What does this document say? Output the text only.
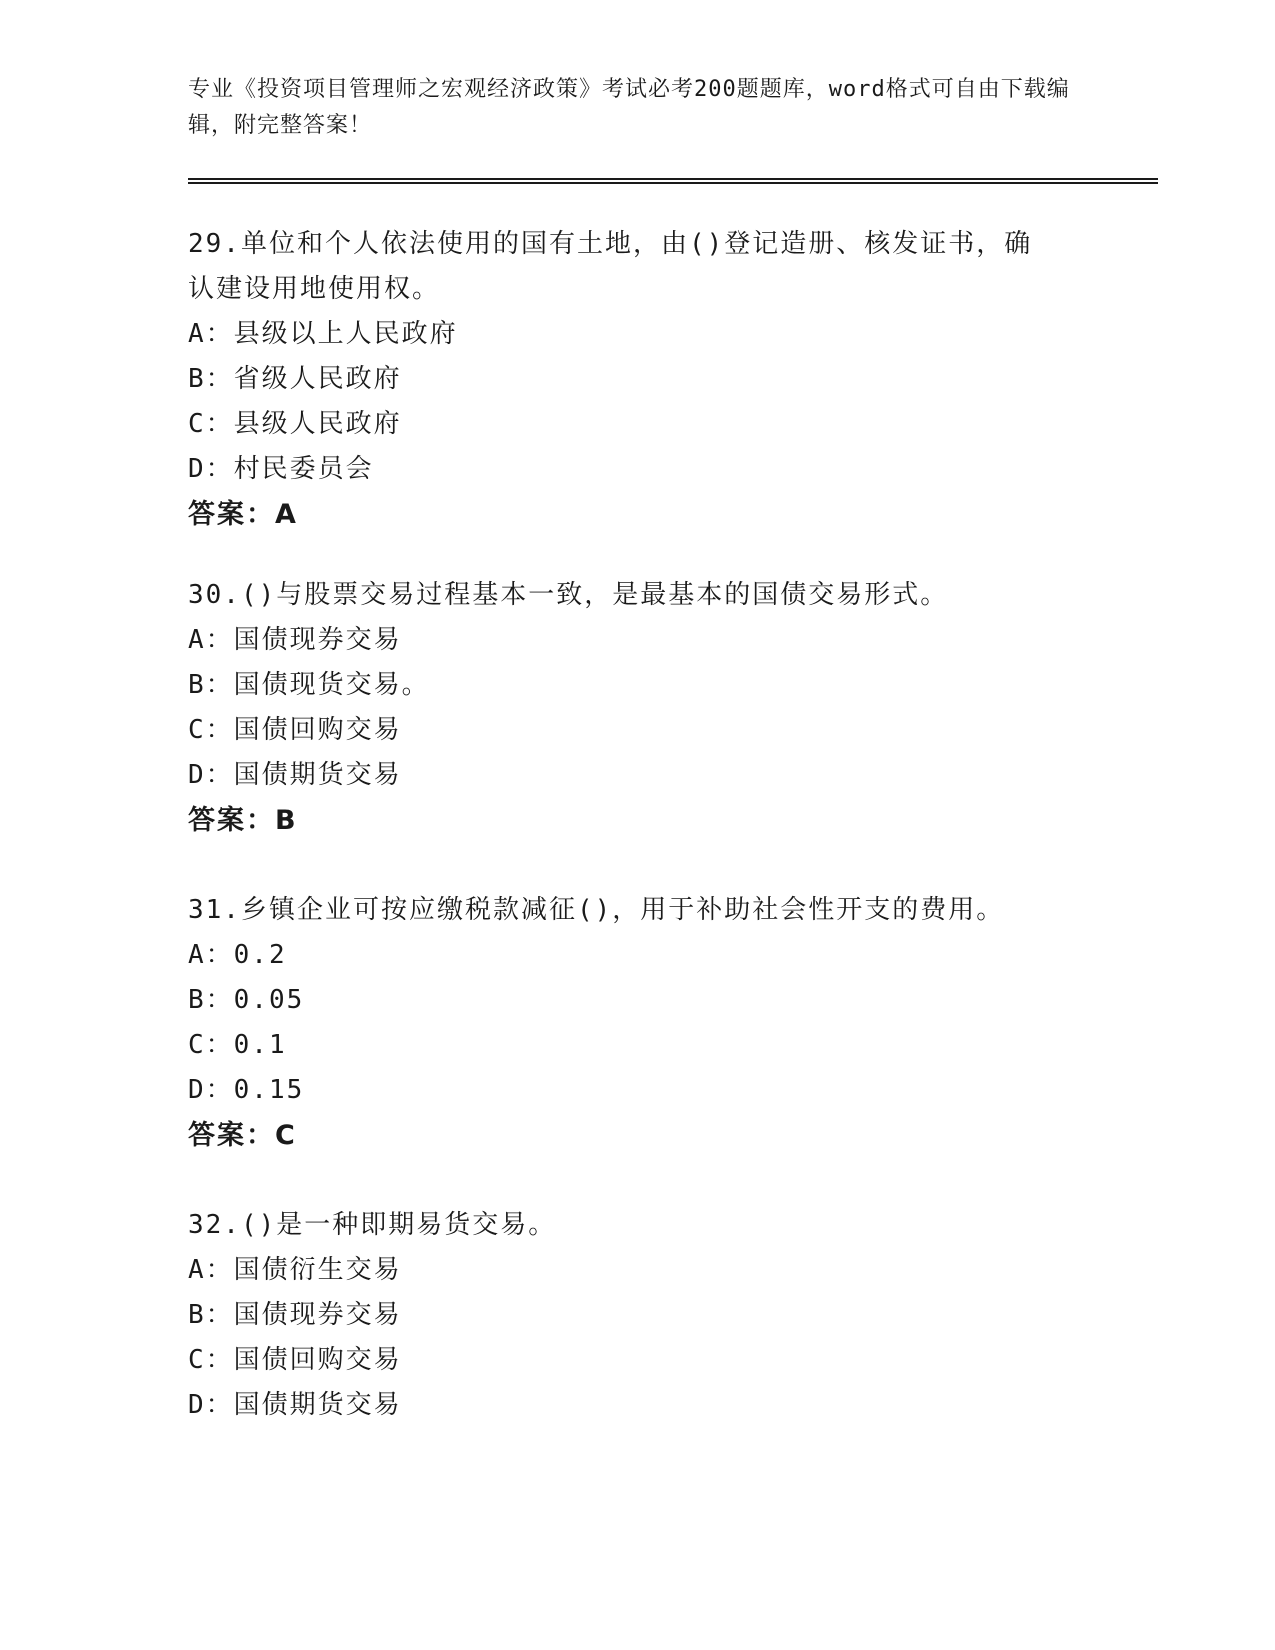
专业《投资项目管理师之宏观经济政策》考试必考200题题库，word格式可自由下载编辑，附完整答案！

29.单位和个人依法使用的国有土地，由()登记造册、核发证书，确认建设用地使用权。

A：县级以上人民政府

B：省级人民政府

C：县级人民政府

D：村民委员会

答案：A

30.()与股票交易过程基本一致，是最基本的国债交易形式。

A：国债现券交易

B：国债现货交易。

C：国债回购交易

D：国债期货交易

答案：B

31.乡镇企业可按应缴税款减征()，用于补助社会性开支的费用。

A：0.2

B：0.05

C：0.1

D：0.15

答案：C

32.()是一种即期易货交易。

A：国债衍生交易

B：国债现券交易

C：国债回购交易

D：国债期货交易
